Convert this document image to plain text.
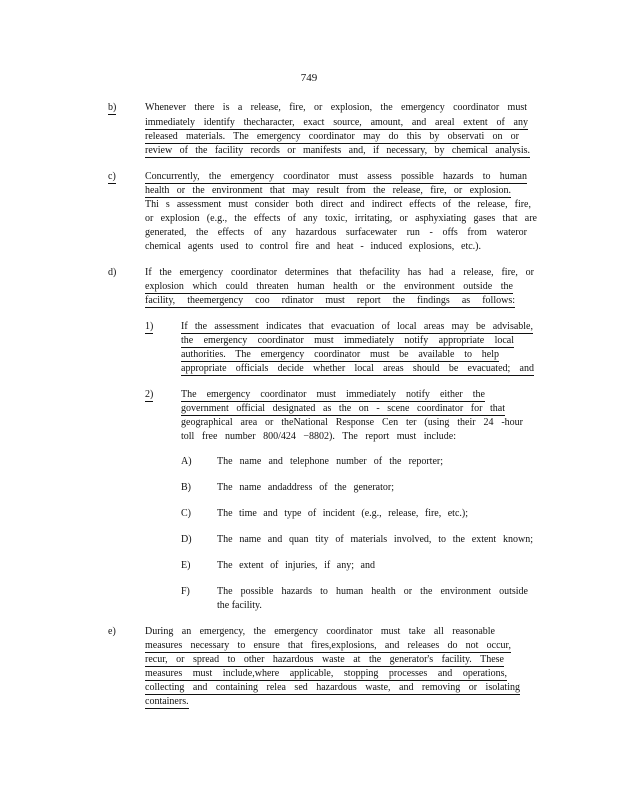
749
b)	Whenever there is a release, fire, or explosion, the emergency coordinator must
immediately identify thecharacter, exact source, amount, and areal extent of any
released materials. The emergency coordinator may do this by observati on or
review of the facility records or manifests and, if necessary, by chemical analysis.
c)	Concurrently, the emergency coordinator must assess possible hazards to human
health or the environment that may result from the release, fire, or explosion.
Thi s assessment must consider both direct and indirect effects of the release, fire,
or explosion (e.g., the effects of any toxic, irritating, or asphyxiating gases that are
generated, the effects of any hazardous surfacewater run - offs from wateror
chemical agents used to control fire and heat - induced explosions, etc.).
d)	If the emergency coordinator determines that thefacility has had a release, fire, or
explosion which could threaten human health or the environment outside the
facility, theemergency coo rdinator must report the findings as follows:
1)	If the assessment indicates that evacuation of local areas may be advisable,
the emergency coordinator must immediately notify appropriate local
authorities. The emergency coordinator must be available to help
appropriate officials decide whether local areas should be evacuated; and
2)	The emergency coordinator must immediately notify either the
government official designated as the on - scene coordinator for that
geographical area or theNational Response Cen ter (using their 24 -hour
toll free number 800/424 −8802). The report must include:
A)	The name and telephone number of the reporter;
B)	The name andaddress of the generator;
C)	The time and type of incident (e.g., release, fire, etc.);
D)	The name and quan tity of materials involved, to the extent known;
E)	The extent of injuries, if any; and
F)	The possible hazards to human health or the environment outside
the facility.
e)	During an emergency, the emergency coordinator must take all reasonable
measures necessary to ensure that fires,explosions, and releases do not occur,
recur, or spread to other hazardous waste at the generator's facility. These
measures must include,where applicable, stopping processes and operations,
collecting and containing relea sed hazardous waste, and removing or isolating
containers.
